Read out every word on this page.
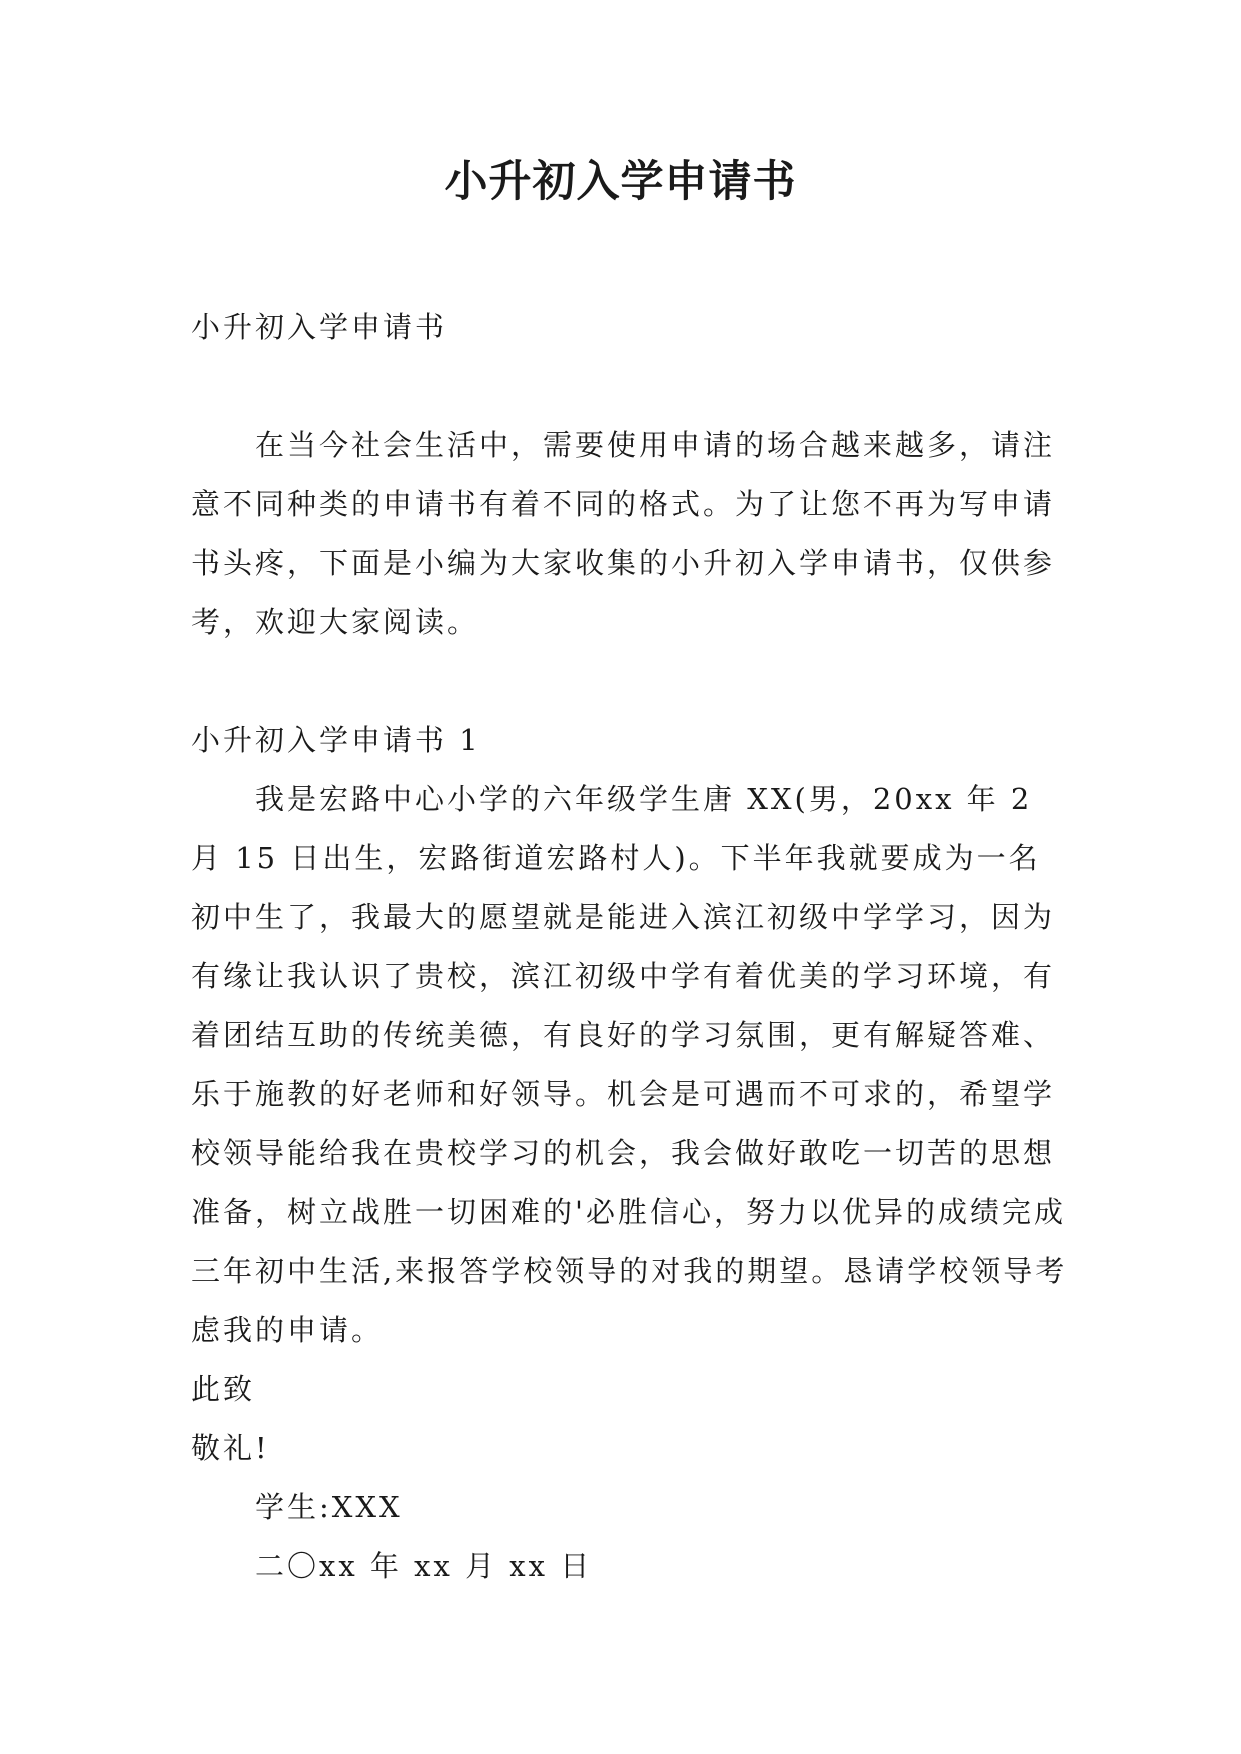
小升初入学申请书

小升初入学申请书

在当今社会生活中，需要使用申请的场合越来越多，请注意不同种类的申请书有着不同的格式。为了让您不再为写申请书头疼，下面是小编为大家收集的小升初入学申请书，仅供参考，欢迎大家阅读。

小升初入学申请书 1

我是宏路中心小学的六年级学生唐 XX(男，20xx 年 2 月 15 日出生，宏路街道宏路村人)。下半年我就要成为一名初中生了，我最大的愿望就是能进入滨江初级中学学习，因为有缘让我认识了贵校，滨江初级中学有着优美的学习环境，有着团结互助的传统美德，有良好的学习氛围，更有解疑答难、乐于施教的好老师和好领导。机会是可遇而不可求的，希望学校领导能给我在贵校学习的机会，我会做好敢吃一切苦的思想准备，树立战胜一切困难的'必胜信心，努力以优异的成绩完成三年初中生活,来报答学校领导的对我的期望。恳请学校领导考虑我的申请。

此致

敬礼!

学生:XXX

二〇xx 年 xx 月 xx 日
